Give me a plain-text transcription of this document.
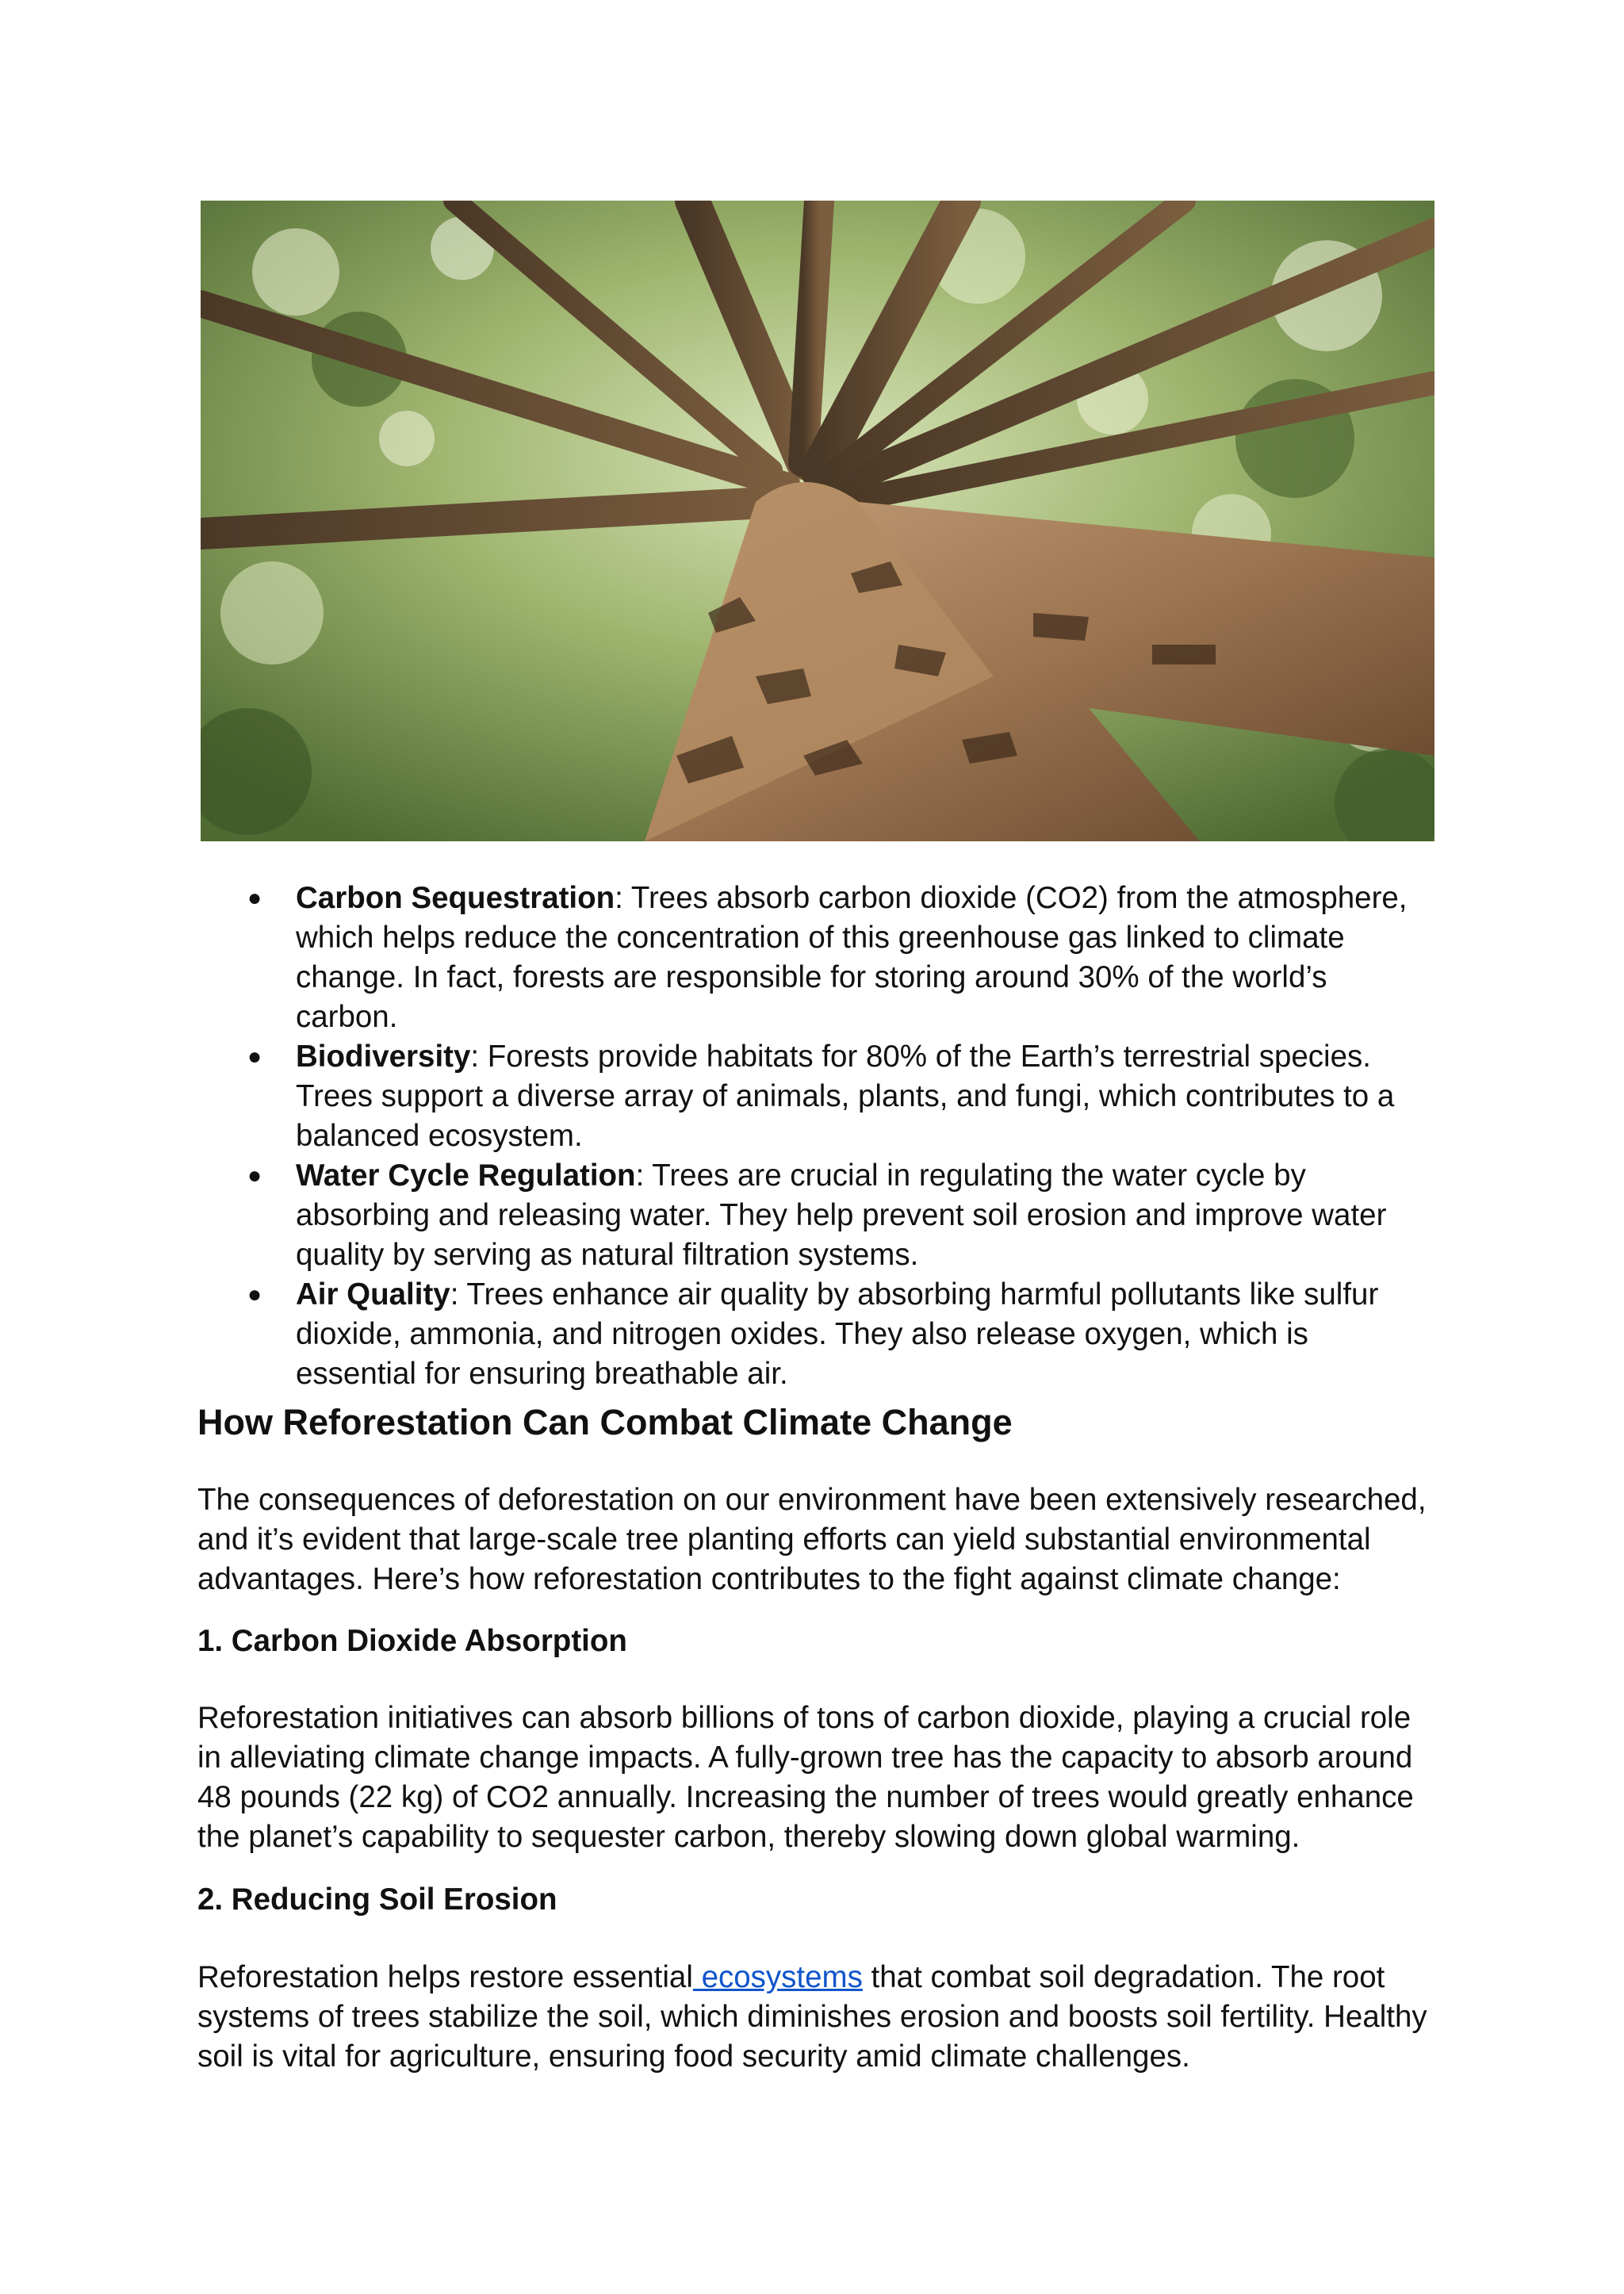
● Carbon Sequestration: Trees absorb carbon dioxide (CO2) from the atmosphere, which helps reduce the concentration of this greenhouse gas linked to climate change. In fact, forests are responsible for storing around 30% of the world’s carbon.
● Biodiversity: Forests provide habitats for 80% of the Earth’s terrestrial species. Trees support a diverse array of animals, plants, and fungi, which contributes to a balanced ecosystem.
● Water Cycle Regulation: Trees are crucial in regulating the water cycle by absorbing and releasing water. They help prevent soil erosion and improve water quality by serving as natural filtration systems.
● Air Quality: Trees enhance air quality by absorbing harmful pollutants like sulfur dioxide, ammonia, and nitrogen oxides. They also release oxygen, which is essential for ensuring breathable air.
How Reforestation Can Combat Climate Change

The consequences of deforestation on our environment have been extensively researched, and it’s evident that large-scale tree planting efforts can yield substantial environmental advantages. Here’s how reforestation contributes to the fight against climate change:

1. Carbon Dioxide Absorption

Reforestation initiatives can absorb billions of tons of carbon dioxide, playing a crucial role in alleviating climate change impacts. A fully-grown tree has the capacity to absorb around 48 pounds (22 kg) of CO2 annually. Increasing the number of trees would greatly enhance the planet’s capability to sequester carbon, thereby slowing down global warming.

2. Reducing Soil Erosion

Reforestation helps restore essential ecosystems that combat soil degradation. The root systems of trees stabilize the soil, which diminishes erosion and boosts soil fertility. Healthy soil is vital for agriculture, ensuring food security amid climate challenges.
